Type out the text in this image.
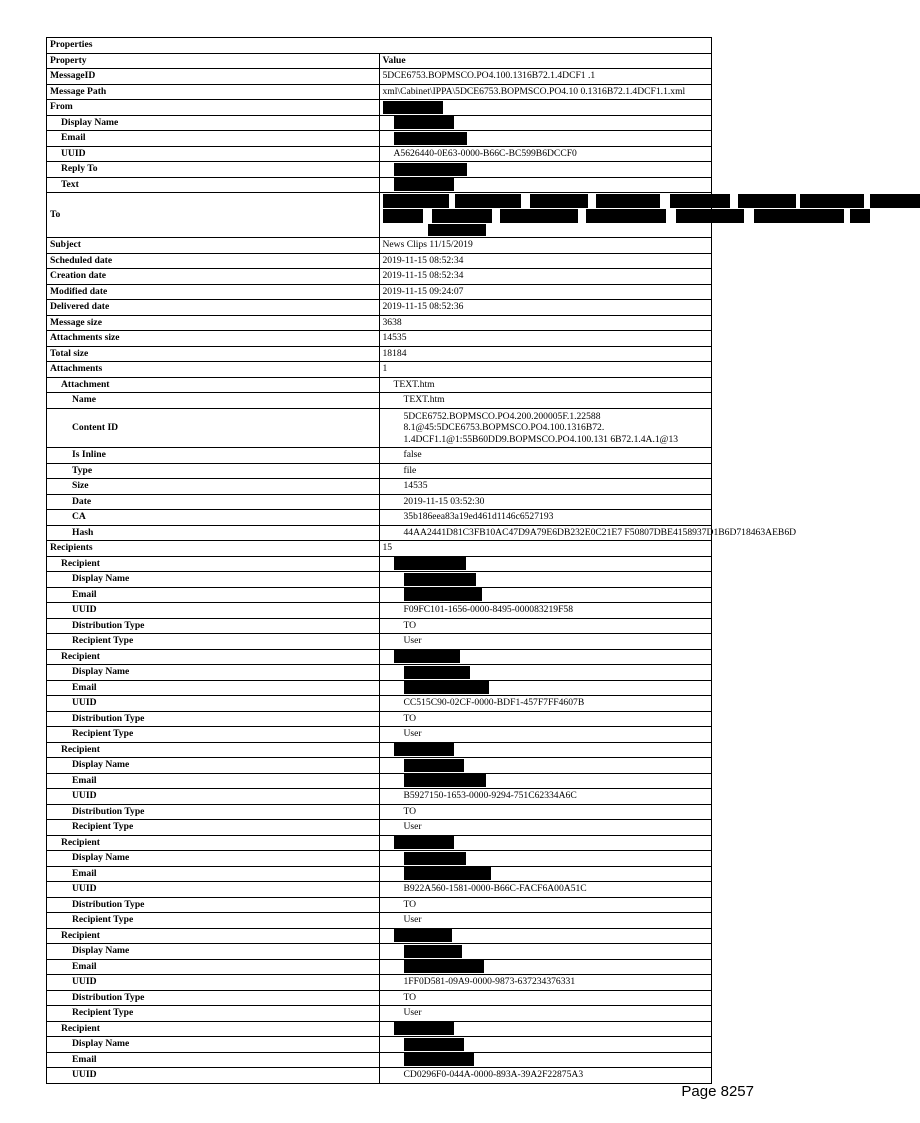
Properties	
Property	Value
MessageID	5DCE6753.BOPMSCO.PO4.100.1316B72.1.4DCF1 .1
Message Path	xml\Cabinet\IPPA\5DCE6753.BOPMSCO.PO4.10 0.1316B72.1.4DCF1.1.xml
From	
Display Name	
Email	
UUID	A5626440-0E63-0000-B66C-BC599B6DCCF0
Reply To	
Text	
To	

Subject	News Clips 11/15/2019
Scheduled date	2019-11-15 08:52:34
Creation date	2019-11-15 08:52:34
Modified date	2019-11-15 09:24:07
Delivered date	2019-11-15 08:52:36
Message size	3638
Attachments size	14535
Total size	18184
Attachments	1
Attachment	TEXT.htm
Name	TEXT.htm
Content ID	5DCE6752.BOPMSCO.PO4.200.200005F.1.22588 8.1@45:5DCE6753.BOPMSCO.PO4.100.1316B72. 1.4DCF1.1@1:55B60DD9.BOPMSCO.PO4.100.131 6B72.1.4A.1@13
Is Inline	false
Type	file
Size	14535
Date	2019-11-15 03:52:30
CA	35b186eea83a19ed461d1146c6527193
Hash	44AA2441D81C3FB10AC47D9A79E6DB232E0C21E7 F50807DBE4158937D1B6D718463AEB6D
Recipients	15
Recipient	
Display Name	
Email	
UUID	F09FC101-1656-0000-8495-000083219F58
Distribution Type	TO
Recipient Type	User
Recipient	
Display Name	
Email	
UUID	CC515C90-02CF-0000-BDF1-457F7FF4607B
Distribution Type	TO
Recipient Type	User
Recipient	
Display Name	
Email	
UUID	B5927150-1653-0000-9294-751C62334A6C
Distribution Type	TO
Recipient Type	User
Recipient	
Display Name	
Email	
UUID	B922A560-1581-0000-B66C-FACF6A00A51C
Distribution Type	TO
Recipient Type	User
Recipient	
Display Name	
Email	
UUID	1FF0D581-09A9-0000-9873-637234376331
Distribution Type	TO
Recipient Type	User
Recipient	
Display Name	
Email	
UUID	CD0296F0-044A-0000-893A-39A2F22875A3
Page 8257
